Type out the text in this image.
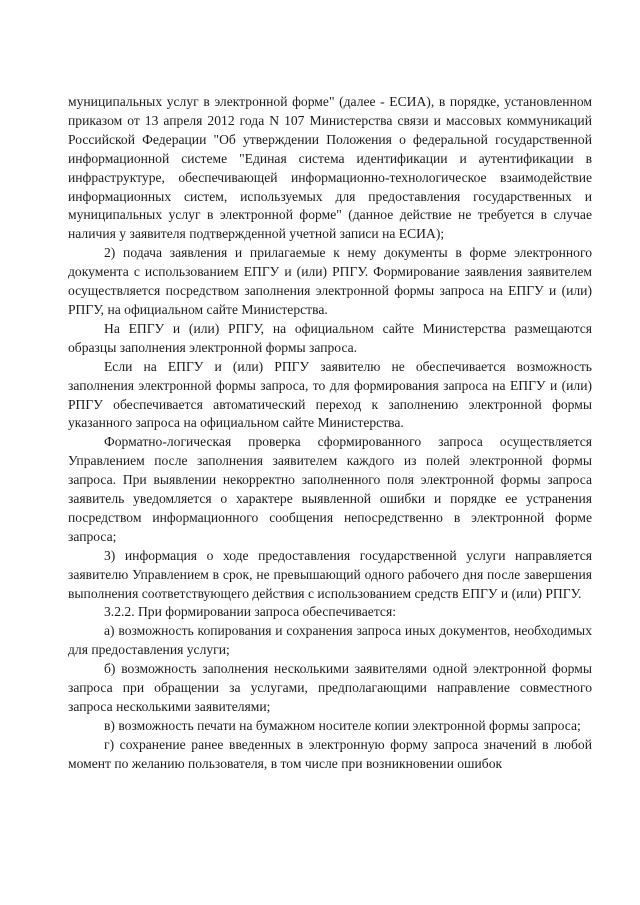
муниципальных услуг в электронной форме" (далее - ЕСИА), в порядке, установленном приказом от 13 апреля 2012 года N 107 Министерства связи и массовых коммуникаций Российской Федерации "Об утверждении Положения о федеральной государственной информационной системе "Единая система идентификации и аутентификации в инфраструктуре, обеспечивающей информационно-технологическое взаимодействие информационных систем, используемых для предоставления государственных и муниципальных услуг в электронной форме" (данное действие не требуется в случае наличия у заявителя подтвержденной учетной записи на ЕСИА);

2) подача заявления и прилагаемые к нему документы в форме электронного документа с использованием ЕПГУ и (или) РПГУ. Формирование заявления заявителем осуществляется посредством заполнения электронной формы запроса на ЕПГУ и (или) РПГУ, на официальном сайте Министерства.

На ЕПГУ и (или) РПГУ, на официальном сайте Министерства размещаются образцы заполнения электронной формы запроса.

Если на ЕПГУ и (или) РПГУ заявителю не обеспечивается возможность заполнения электронной формы запроса, то для формирования запроса на ЕПГУ и (или) РПГУ обеспечивается автоматический переход к заполнению электронной формы указанного запроса на официальном сайте Министерства.

Форматно-логическая проверка сформированного запроса осуществляется Управлением после заполнения заявителем каждого из полей электронной формы запроса. При выявлении некорректно заполненного поля электронной формы запроса заявитель уведомляется о характере выявленной ошибки и порядке ее устранения посредством информационного сообщения непосредственно в электронной форме запроса;

3) информация о ходе предоставления государственной услуги направляется заявителю Управлением в срок, не превышающий одного рабочего дня после завершения выполнения соответствующего действия с использованием средств ЕПГУ и (или) РПГУ.

3.2.2. При формировании запроса обеспечивается:

а) возможность копирования и сохранения запроса иных документов, необходимых для предоставления услуги;

б) возможность заполнения несколькими заявителями одной электронной формы запроса при обращении за услугами, предполагающими направление совместного запроса несколькими заявителями;

в) возможность печати на бумажном носителе копии электронной формы запроса;

г) сохранение ранее введенных в электронную форму запроса значений в любой момент по желанию пользователя, в том числе при возникновении ошибок
